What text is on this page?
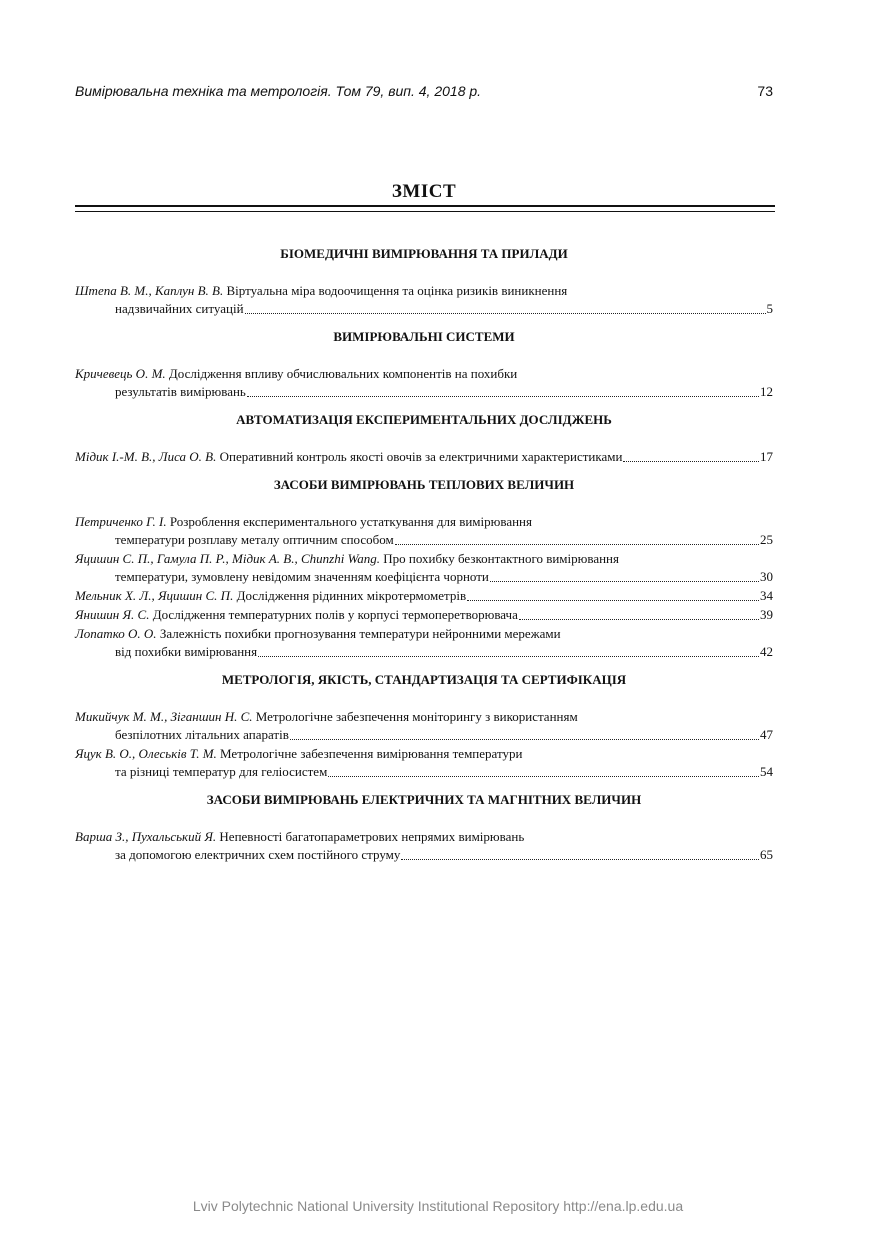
Вимірювальна техніка та метрологія. Том 79, вип. 4, 2018 р.	73
ЗМІСТ
БІОМЕДИЧНІ ВИМІРЮВАННЯ ТА ПРИЛАДИ
Штепа В. М., Каплун В. В. Віртуальна міра водоочищення та оцінка ризиків виникнення
надзвичайних ситуацій	5
ВИМІРЮВАЛЬНІ СИСТЕМИ
Кричевець О. М. Дослідження впливу обчислювальних компонентів на похибки
результатів вимірювань	12
АВТОМАТИЗАЦІЯ ЕКСПЕРИМЕНТАЛЬНИХ ДОСЛІДЖЕНЬ
Мідик І.-М. В., Лиса О. В. Оперативний контроль якості овочів за електричними характеристиками	17
ЗАСОБИ ВИМІРЮВАНЬ ТЕПЛОВИХ ВЕЛИЧИН
Петриченко Г. І. Розроблення експериментального устаткування для вимірювання
температури розплаву металу оптичним способом	25
Яцишин С. П., Гамула П. Р., Мідик А. В., Chunzhi Wang. Про похибку безконтактного вимірювання
температури, зумовлену невідомим значенням коефіцієнта чорноти	30
Мельник Х. Л., Яцишин С. П. Дослідження рідинних мікротермометрів	34
Янишин Я. С. Дослідження температурних полів у корпусі термоперетворювача	39
Лопатко О. О. Залежність похибки прогнозування температури нейронними мережами
від похибки вимірювання	42
МЕТРОЛОГІЯ, ЯКІСТЬ, СТАНДАРТИЗАЦІЯ ТА СЕРТИФІКАЦІЯ
Микийчук М. М., Зіганшин Н. С. Метрологічне забезпечення моніторингу з використанням
безпілотних літальних апаратів	47
Яцук В. О., Олеськів Т. М. Метрологічне забезпечення вимірювання температури
та різниці температур для геліосистем	54
ЗАСОБИ ВИМІРЮВАНЬ ЕЛЕКТРИЧНИХ ТА МАГНІТНИХ ВЕЛИЧИН
Варша З., Пухальський Я. Непевності багатопараметрових непрямих вимірювань
за допомогою електричних схем постійного струму	65
Lviv Polytechnic National University Institutional Repository http://ena.lp.edu.ua
